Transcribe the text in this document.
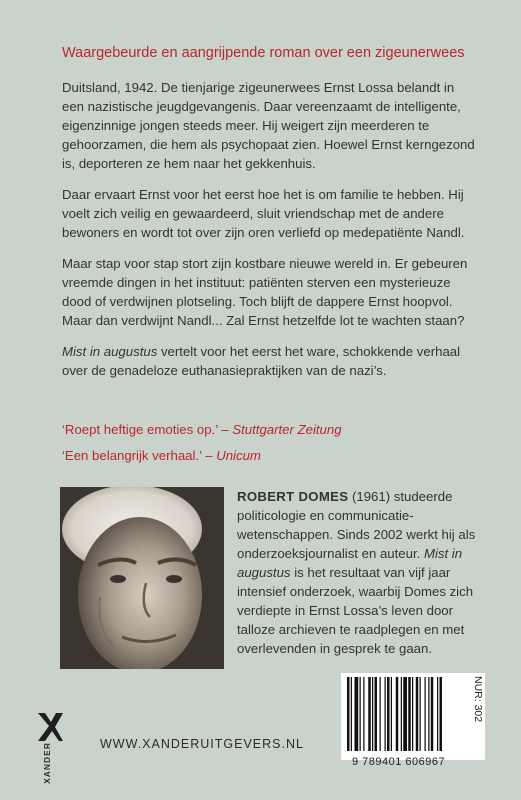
Waargebeurde en aangrijpende roman over een zigeunerwees

Duitsland, 1942. De tienjarige zigeunerwees Ernst Lossa belandt in een nazistische jeugdgevangenis. Daar vereenzaamt de intelligente, eigenzinnige jongen steeds meer. Hij weigert zijn meerderen te gehoorzamen, die hem als psychopaat zien. Hoewel Ernst kerngezond is, deporteren ze hem naar het gekkenhuis.

Daar ervaart Ernst voor het eerst hoe het is om familie te hebben. Hij voelt zich veilig en gewaardeerd, sluit vriendschap met de andere bewoners en wordt tot over zijn oren verliefd op medepatiënte Nandl.

Maar stap voor stap stort zijn kostbare nieuwe wereld in. Er gebeuren vreemde dingen in het instituut: patiënten sterven een mysterieuze dood of verdwijnen plotseling. Toch blijft de dappere Ernst hoopvol. Maar dan verdwijnt Nandl... Zal Ernst hetzelfde lot te wachten staan?

Mist in augustus vertelt voor het eerst het ware, schokkende verhaal over de genadeloze euthanasiepraktijken van de nazi’s.

‘Roept heftige emoties op.’ – Stuttgarter Zeitung

‘Een belangrijk verhaal.’ – Unicum

ROBERT DOMES (1961) studeerde politicologie en communicatie-wetenschappen. Sinds 2002 werkt hij als onderzoeksjournalist en auteur. Mist in augustus is het resultaat van vijf jaar intensief onderzoek, waarbij Domes zich verdiepte in Ernst Lossa’s leven door talloze archieven te raadplegen en met overlevenden in gesprek te gaan.
NUR: 302
9 789401 606967
XANDER	WWW.XANDERUITGEVERS.NL
